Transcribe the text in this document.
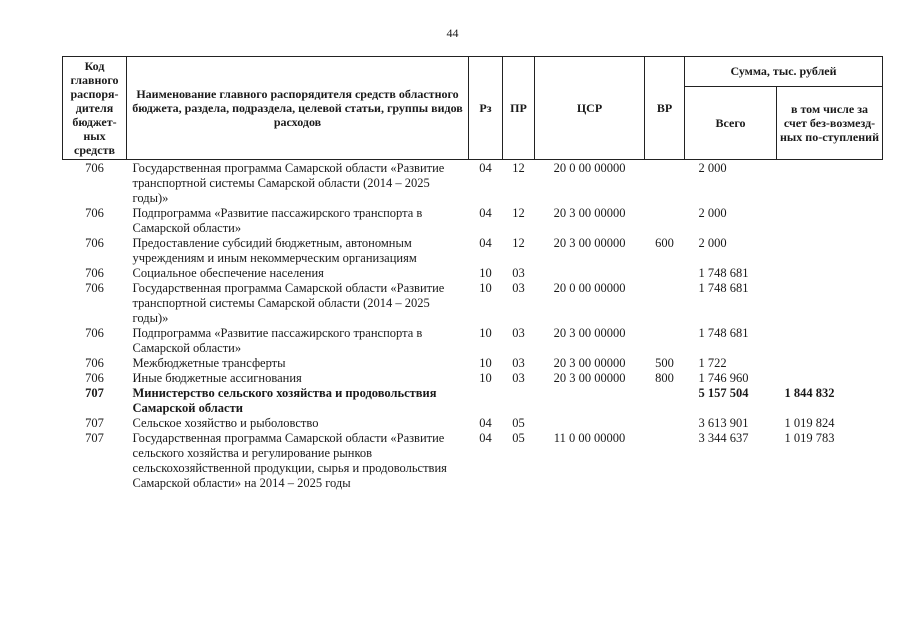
44
Код главного распоря-дителя бюджет-ных средств	Наименование главного распорядителя средств областного бюджета, раздела, подраздела, целевой статьи, группы видов расходов	Рз	ПР	ЦСР	ВР	Сумма, тыс. рублей	
						Всего	в том числе за счет без-возмезд-ных по-ступлений
706	Государственная программа Самарской области «Развитие транспортной системы Самарской области (2014 – 2025 годы)»	04	12	20 0 00 00000		2 000	
706	Подпрограмма «Развитие пассажирского транспорта в Самарской области»	04	12	20 3 00 00000		2 000	
706	Предоставление субсидий бюджетным, автономным учреждениям и иным некоммерческим организациям	04	12	20 3 00 00000	600	2 000	
706	Социальное обеспечение населения	10	03			1 748 681	
706	Государственная программа Самарской области «Развитие транспортной системы Самарской области (2014 – 2025 годы)»	10	03	20 0 00 00000		1 748 681	
706	Подпрограмма «Развитие пассажирского транспорта в Самарской области»	10	03	20 3 00 00000		1 748 681	
706	Межбюджетные трансферты	10	03	20 3 00 00000	500	1 722	
706	Иные бюджетные ассигнования	10	03	20 3 00 00000	800	1 746 960	
707	Министерство сельского хозяйства и продовольствия Самарской области					5 157 504	1 844 832
707	Сельское хозяйство и рыболовство	04	05			3 613 901	1 019 824
707	Государственная программа Самарской области «Развитие сельского хозяйства и регулирование рынков сельскохозяйственной продукции, сырья и продовольствия Самарской области» на 2014 – 2025 годы	04	05	11 0 00 00000		3 344 637	1 019 783
